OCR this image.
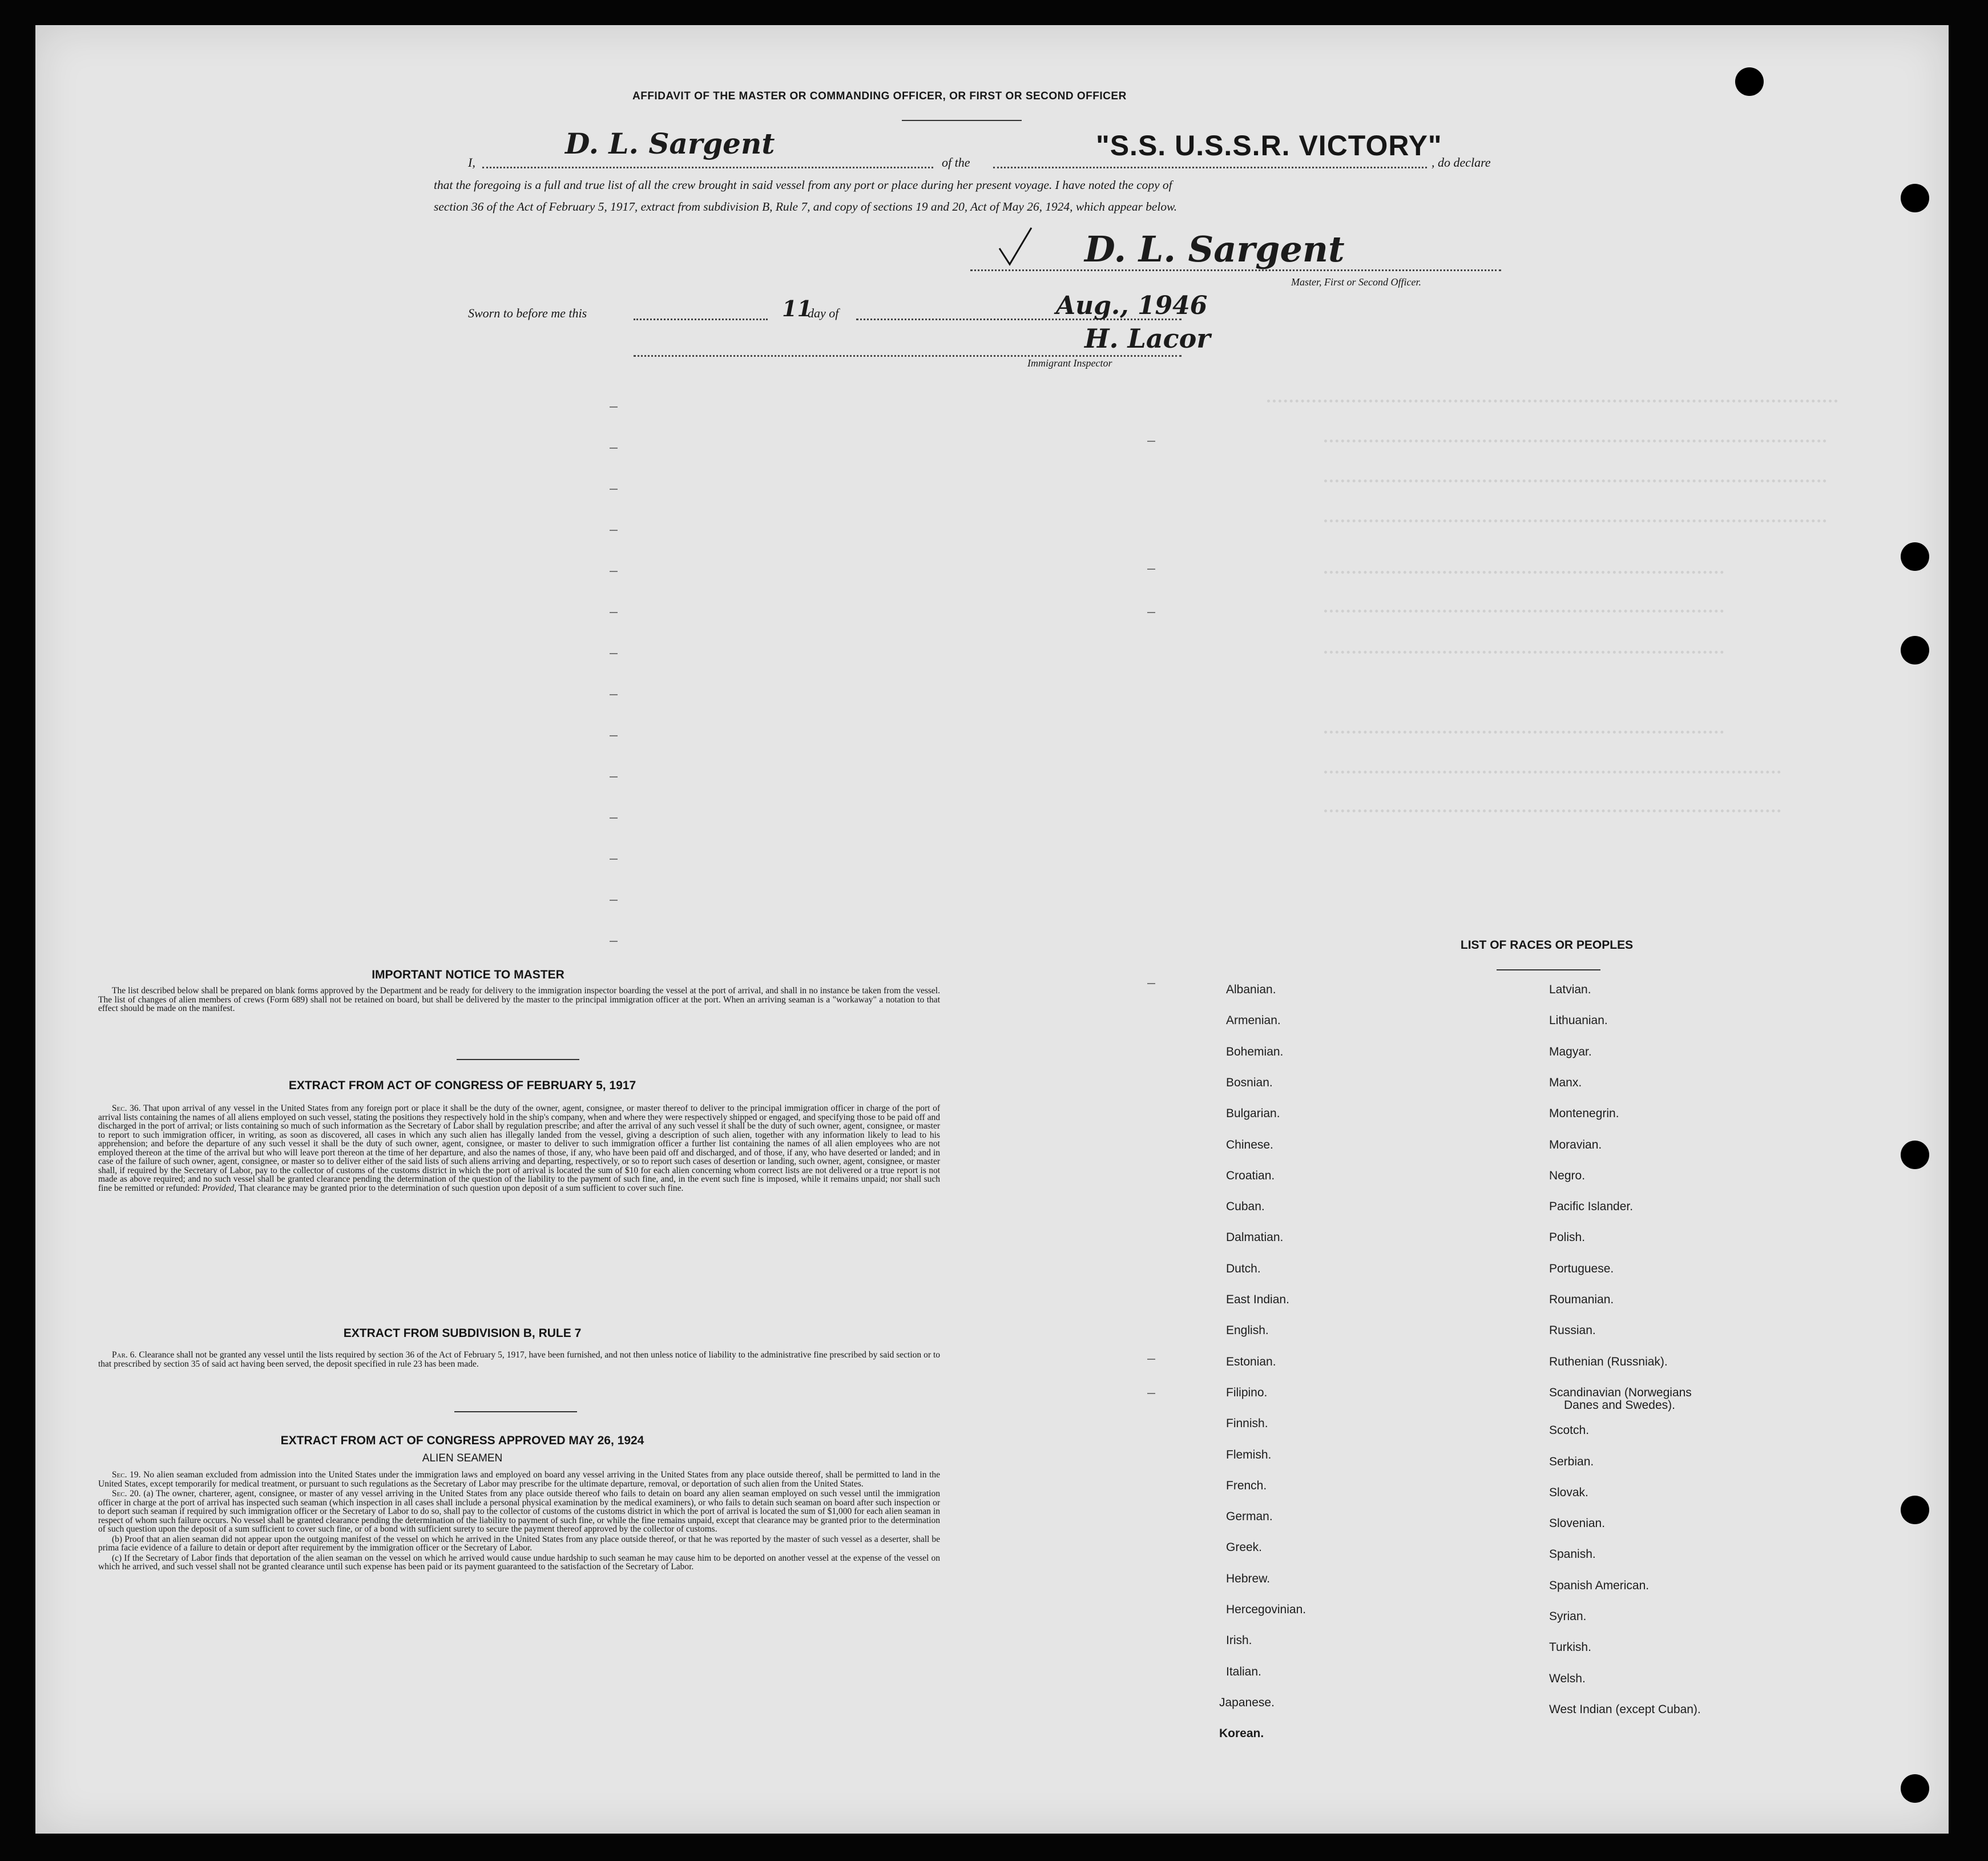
AFFIDAVIT OF THE MASTER OR COMMANDING OFFICER, OR FIRST OR SECOND OFFICER
I,
D. L. Sargent
of the
"S.S. U.S.S.R. VICTORY"
, do declare
that the foregoing is a full and true list of all the crew brought in said vessel from any port or place during her present voyage. I have noted the copy of
section 36 of the Act of February 5, 1917, extract from subdivision B, Rule 7, and copy of sections 19 and 20, Act of May 26, 1924, which appear below.
D. L. Sargent
Master, First or Second Officer.
Sworn to before me this	11
day of	Aug., 1946
H. Lacor
Immigrant Inspector
IMPORTANT NOTICE TO MASTER

The list described below shall be prepared on blank forms approved by the Department and be ready for delivery to the immigration inspector boarding the vessel at the port of arrival, and shall in no instance be taken from the vessel. The list of changes of alien members of crews (Form 689) shall not be retained on board, but shall be delivered by the master to the principal immigration officer at the port. When an arriving seaman is a "workaway" a notation to that effect should be made on the manifest.

EXTRACT FROM ACT OF CONGRESS OF FEBRUARY 5, 1917

Sec. 36. That upon arrival of any vessel in the United States from any foreign port or place it shall be the duty of the owner, agent, consignee, or master thereof to deliver to the principal immigration officer in charge of the port of arrival lists containing the names of all aliens employed on such vessel, stating the positions they respectively hold in the ship's company, when and where they were respectively shipped or engaged, and specifying those to be paid off and discharged in the port of arrival; or lists containing so much of such information as the Secretary of Labor shall by regulation prescribe; and after the arrival of any such vessel it shall be the duty of such owner, agent, consignee, or master to report to such immigration officer, in writing, as soon as discovered, all cases in which any such alien has illegally landed from the vessel, giving a description of such alien, together with any information likely to lead to his apprehension; and before the departure of any such vessel it shall be the duty of such owner, agent, consignee, or master to deliver to such immigration officer a further list containing the names of all alien employees who are not employed thereon at the time of the arrival but who will leave port thereon at the time of her departure, and also the names of those, if any, who have been paid off and discharged, and of those, if any, who have deserted or landed; and in case of the failure of such owner, agent, consignee, or master so to deliver either of the said lists of such aliens arriving and departing, respectively, or so to report such cases of desertion or landing, such owner, agent, consignee, or master shall, if required by the Secretary of Labor, pay to the collector of customs of the customs district in which the port of arrival is located the sum of $10 for each alien concerning whom correct lists are not delivered or a true report is not made as above required; and no such vessel shall be granted clearance pending the determination of the question of the liability to the payment of such fine, and, in the event such fine is imposed, while it remains unpaid; nor shall such fine be remitted or refunded: Provided, That clearance may be granted prior to the determination of such question upon deposit of a sum sufficient to cover such fine.

EXTRACT FROM SUBDIVISION B, RULE 7

Par. 6. Clearance shall not be granted any vessel until the lists required by section 36 of the Act of February 5, 1917, have been furnished, and not then unless notice of liability to the administrative fine prescribed by said section or to that prescribed by section 35 of said act having been served, the deposit specified in rule 23 has been made.

EXTRACT FROM ACT OF CONGRESS APPROVED MAY 26, 1924
ALIEN SEAMEN

Sec. 19. No alien seaman excluded from admission into the United States under the immigration laws and employed on board any vessel arriving in the United States from any place outside thereof, shall be permitted to land in the United States, except temporarily for medical treatment, or pursuant to such regulations as the Secretary of Labor may prescribe for the ultimate departure, removal, or deportation of such alien from the United States.

Sec. 20. (a) The owner, charterer, agent, consignee, or master of any vessel arriving in the United States from any place outside thereof who fails to detain on board any alien seaman employed on such vessel until the immigration officer in charge at the port of arrival has inspected such seaman (which inspection in all cases shall include a personal physical examination by the medical examiners), or who fails to detain such seaman on board after such inspection or to deport such seaman if required by such immigration officer or the Secretary of Labor to do so, shall pay to the collector of customs of the customs district in which the port of arrival is located the sum of $1,000 for each alien seaman in respect of whom such failure occurs. No vessel shall be granted clearance pending the determination of the liability to payment of such fine, or while the fine remains unpaid, except that clearance may be granted prior to the determination of such question upon the deposit of a sum sufficient to cover such fine, or of a bond with sufficient surety to secure the payment thereof approved by the collector of customs.

(b) Proof that an alien seaman did not appear upon the outgoing manifest of the vessel on which he arrived in the United States from any place outside thereof, or that he was reported by the master of such vessel as a deserter, shall be prima facie evidence of a failure to detain or deport after requirement by the immigration officer or the Secretary of Labor.

(c) If the Secretary of Labor finds that deportation of the alien seaman on the vessel on which he arrived would cause undue hardship to such seaman he may cause him to be deported on another vessel at the expense of the vessel on which he arrived, and such vessel shall not be granted clearance until such expense has been paid or its payment guaranteed to the satisfaction of the Secretary of Labor.

LIST OF RACES OR PEOPLES
Albanian.
Armenian.
Bohemian.
Bosnian.
Bulgarian.
Chinese.
Croatian.
Cuban.
Dalmatian.
Dutch.
East Indian.
English.
Estonian.
Filipino.
Finnish.
Flemish.
French.
German.
Greek.
Hebrew.
Hercegovinian.
Irish.
Italian.
Japanese.
Korean.
Latvian.
Lithuanian.
Magyar.
Manx.
Montenegrin.
Moravian.
Negro.
Pacific Islander.
Polish.
Portuguese.
Roumanian.
Russian.
Ruthenian (Russniak).
Scandinavian (Norwegians
Danes and Swedes).
Scotch.
Serbian.
Slovak.
Slovenian.
Spanish.
Spanish American.
Syrian.
Turkish.
Welsh.
West Indian (except Cuban).
